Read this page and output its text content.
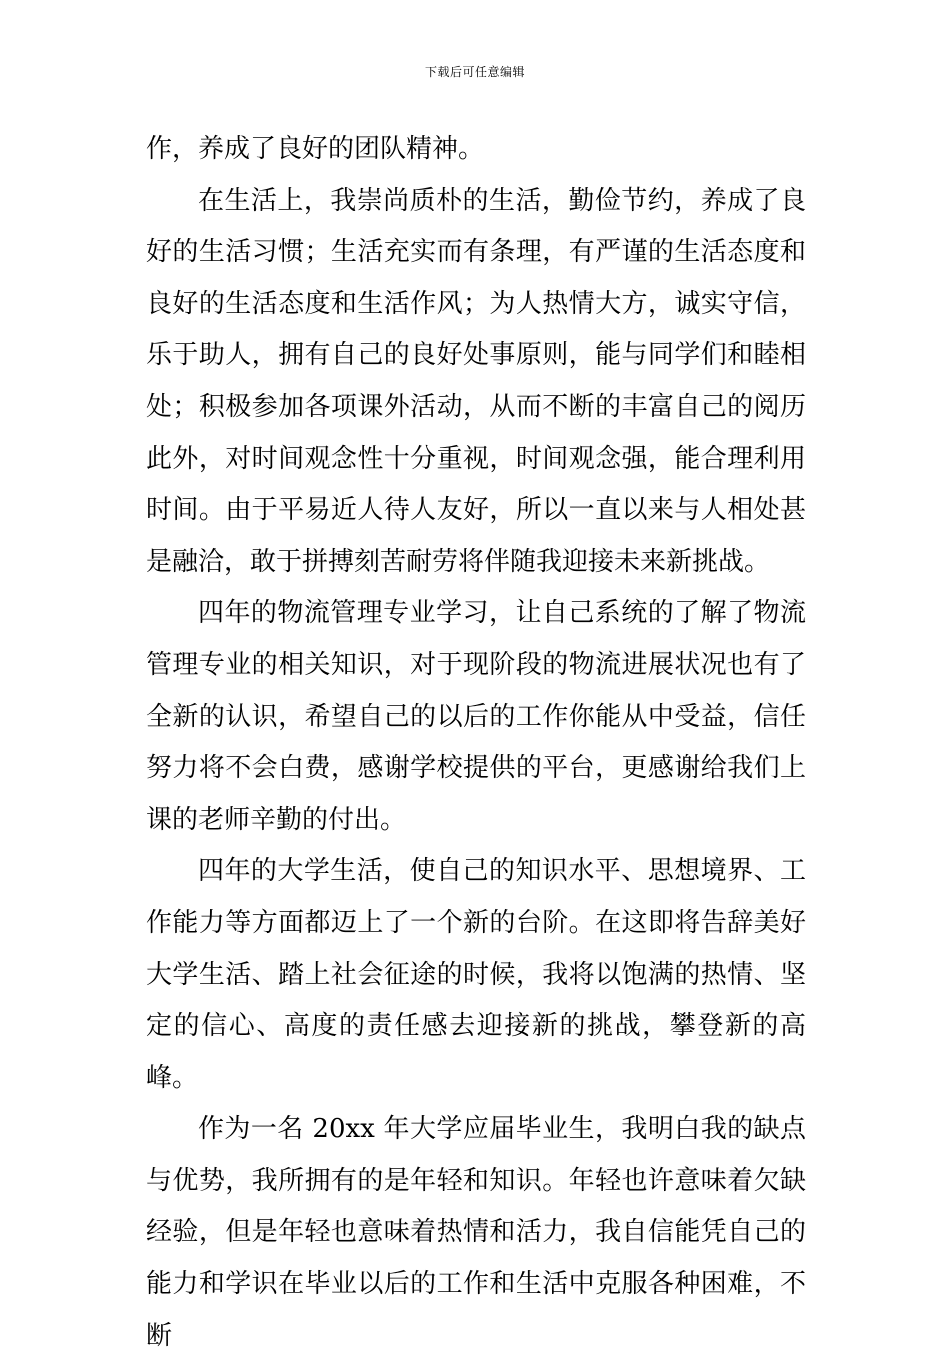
下载后可任意编辑

作，养成了良好的团队精神。

在生活上，我崇尚质朴的生活，勤俭节约，养成了良好的生活习惯；生活充实而有条理，有严谨的生活态度和良好的生活态度和生活作风；为人热情大方，诚实守信，乐于助人，拥有自己的良好处事原则，能与同学们和睦相处；积极参加各项课外活动，从而不断的丰富自己的阅历此外，对时间观念性十分重视，时间观念强，能合理利用时间。由于平易近人待人友好，所以一直以来与人相处甚是融洽，敢于拼搏刻苦耐劳将伴随我迎接未来新挑战。

四年的物流管理专业学习，让自己系统的了解了物流管理专业的相关知识，对于现阶段的物流进展状况也有了全新的认识，希望自己的以后的工作你能从中受益，信任努力将不会白费，感谢学校提供的平台，更感谢给我们上课的老师辛勤的付出。

四年的大学生活，使自己的知识水平、思想境界、工作能力等方面都迈上了一个新的台阶。在这即将告辞美好大学生活、踏上社会征途的时候，我将以饱满的热情、坚定的信心、高度的责任感去迎接新的挑战，攀登新的高峰。

作为一名 20xx 年大学应届毕业生，我明白我的缺点与优势，我所拥有的是年轻和知识。年轻也许意味着欠缺经验，但是年轻也意味着热情和活力，我自信能凭自己的能力和学识在毕业以后的工作和生活中克服各种困难，不断
